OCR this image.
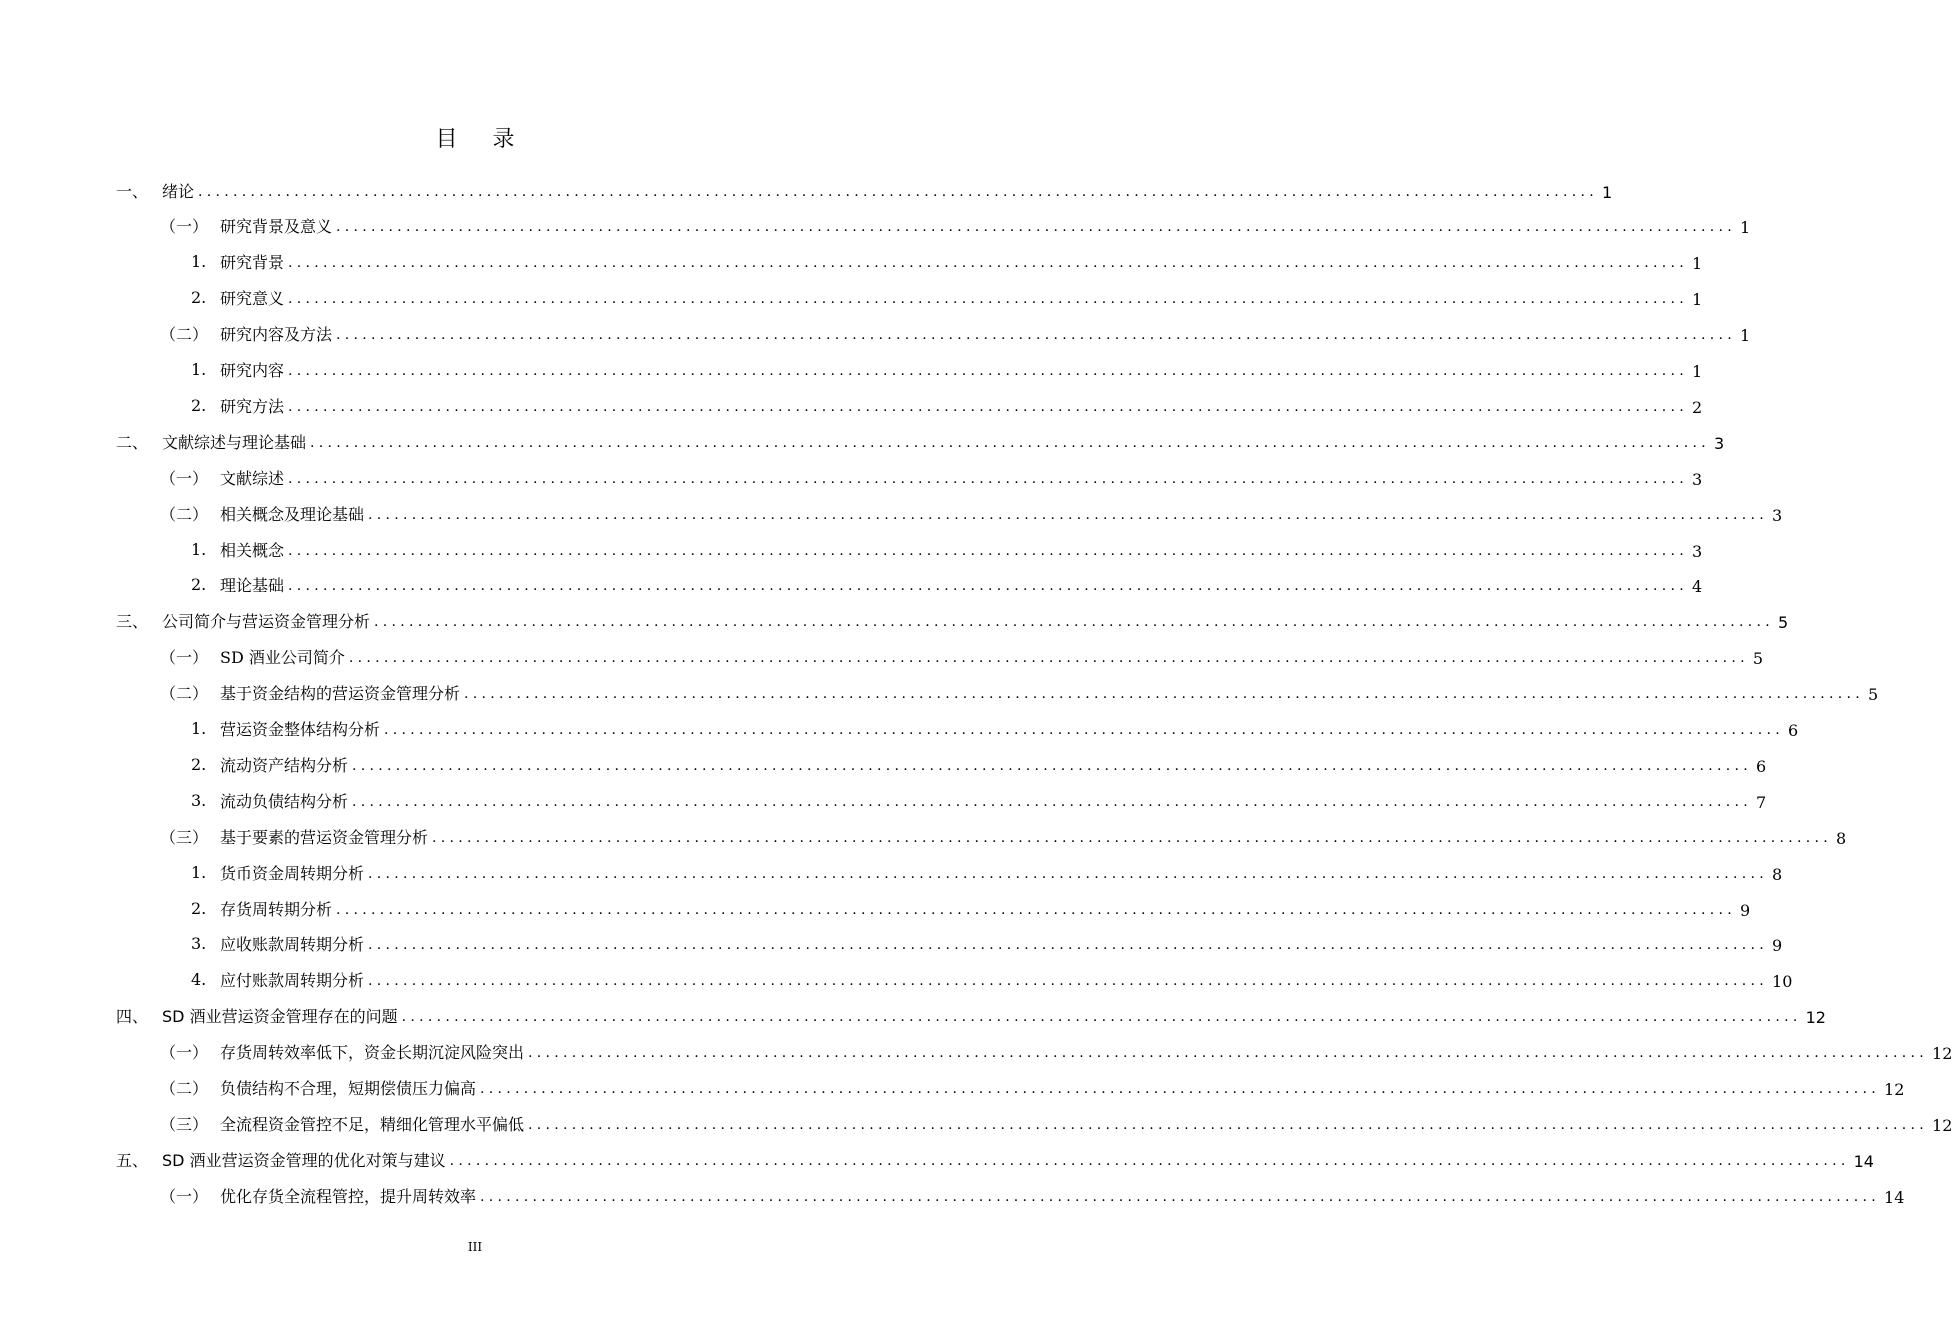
目 录
一、 绪论 ................................................................................................................................................................ 1
（一） 研究背景及意义 ................................................................................................................................................................ 1
1. 研究背景 ................................................................................................................................................................ 1
2. 研究意义 ................................................................................................................................................................ 1
（二） 研究内容及方法 ................................................................................................................................................................ 1
1. 研究内容 ................................................................................................................................................................ 1
2. 研究方法 ................................................................................................................................................................ 2
二、 文献综述与理论基础 ................................................................................................................................................................ 3
（一） 文献综述 ................................................................................................................................................................ 3
（二） 相关概念及理论基础 ................................................................................................................................................................ 3
1. 相关概念 ................................................................................................................................................................ 3
2. 理论基础 ................................................................................................................................................................ 4
三、 公司简介与营运资金管理分析 ................................................................................................................................................................ 5
（一） SD 酒业公司简介 ................................................................................................................................................................ 5
（二） 基于资金结构的营运资金管理分析 ................................................................................................................................................................ 5
1. 营运资金整体结构分析 ................................................................................................................................................................ 6
2. 流动资产结构分析 ................................................................................................................................................................ 6
3. 流动负债结构分析 ................................................................................................................................................................ 7
（三） 基于要素的营运资金管理分析 ................................................................................................................................................................ 8
1. 货币资金周转期分析 ................................................................................................................................................................ 8
2. 存货周转期分析 ................................................................................................................................................................ 9
3. 应收账款周转期分析 ................................................................................................................................................................ 9
4. 应付账款周转期分析 ................................................................................................................................................................ 10
四、 SD 酒业营运资金管理存在的问题 ................................................................................................................................................................ 12
（一） 存货周转效率低下，资金长期沉淀风险突出 ................................................................................................................................................................ 12
（二） 负债结构不合理，短期偿债压力偏高 ................................................................................................................................................................ 12
（三） 全流程资金管控不足，精细化管理水平偏低 ................................................................................................................................................................ 12
五、 SD 酒业营运资金管理的优化对策与建议 ................................................................................................................................................................ 14
（一） 优化存货全流程管控，提升周转效率 ................................................................................................................................................................ 14
III
